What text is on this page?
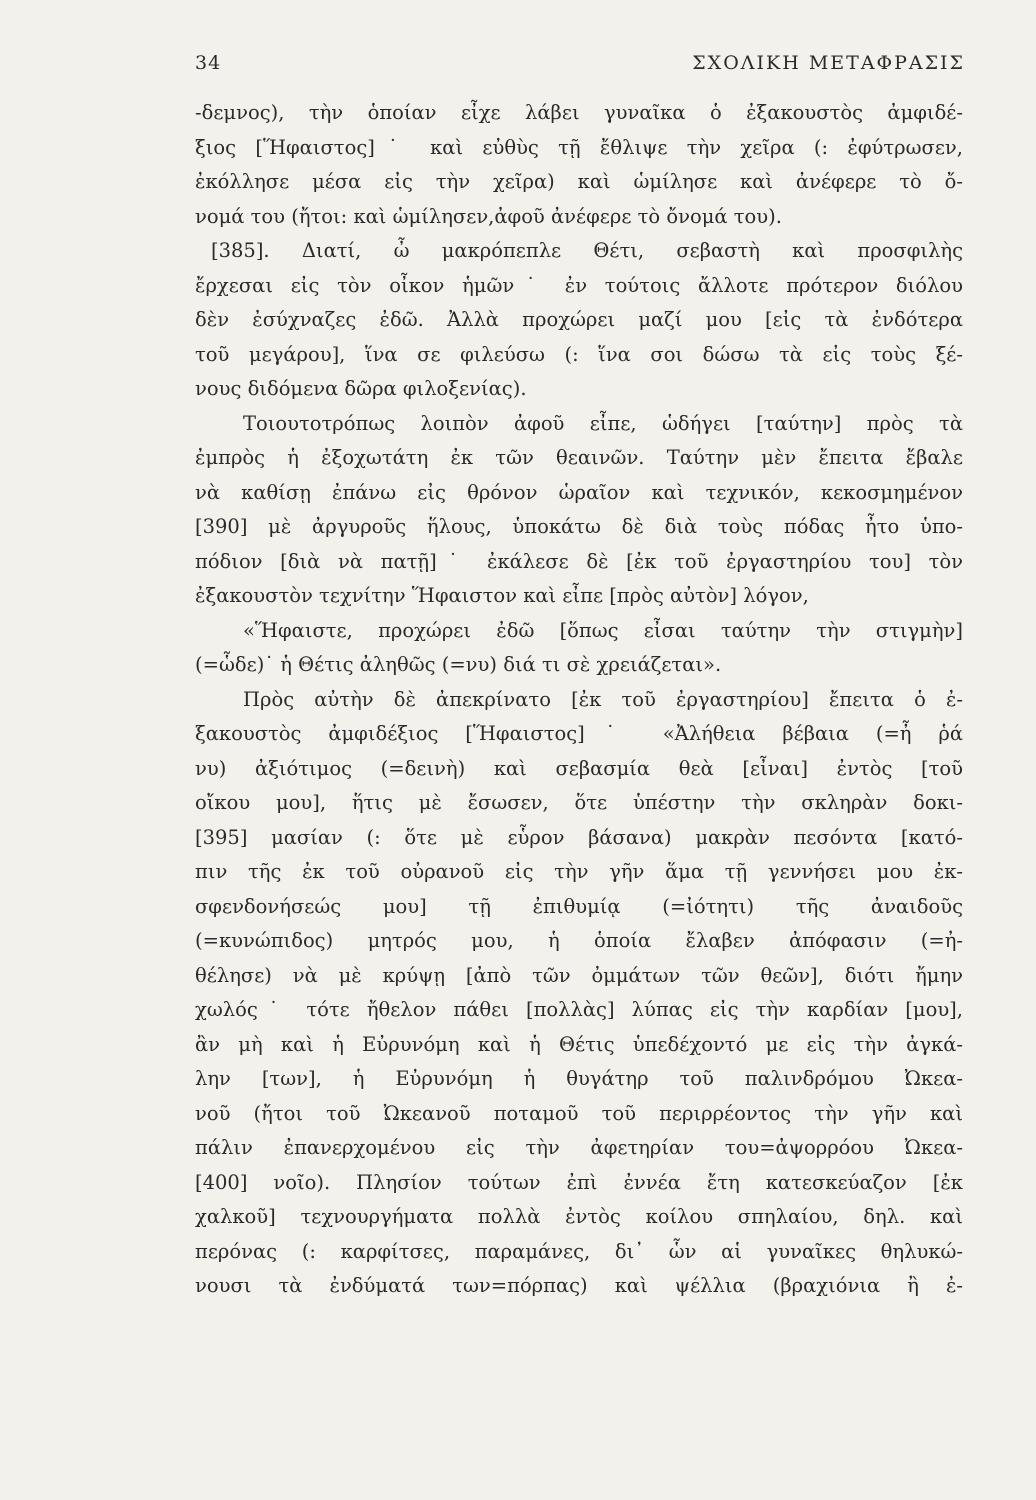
34	ΣΧΟΛΙΚΗ ΜΕΤΑΦΡΑΣΙΣ
-δεμνος), τὴν ὁποίαν εἶχε λάβει γυναῖκα ὁ ἐξακουστὸς ἀμφιδέ-
ξιος [Ἥφαιστος]˙ καὶ εὐθὺς τῇ ἔθλιψε τὴν χεῖρα (: ἐφύτρωσεν,
ἐκόλλησε μέσα εἰς τὴν χεῖρα) καὶ ὡμίλησε καὶ ἀνέφερε τὸ ὄ-
νομά του (ἤτοι: καὶ ὡμίλησεν,ἀφοῦ ἀνέφερε τὸ ὄνομά του).
[385]. Διατί, ὦ μακρόπεπλε Θέτι, σεβαστὴ καὶ προσφιλὴς
ἔρχεσαι εἰς τὸν οἶκον ἡμῶν˙ ἐν τούτοις ἄλλοτε πρότερον διόλου
δὲν ἐσύχναζες ἐδῶ. Ἀλλὰ προχώρει μαζί μου [εἰς τὰ ἐνδότερα
τοῦ μεγάρου], ἵνα σε φιλεύσω (: ἵνα σοι δώσω τὰ εἰς τοὺς ξέ-
νους διδόμενα δῶρα φιλοξενίας).
Τοιουτοτρόπως λοιπὸν ἀφοῦ εἶπε, ὡδήγει [ταύτην] πρὸς τὰ
ἐμπρὸς ἡ ἐξοχωτάτη ἐκ τῶν θεαινῶν. Ταύτην μὲν ἔπειτα ἔβαλε
νὰ καθίσῃ ἐπάνω εἰς θρόνον ὡραῖον καὶ τεχνικόν, κεκοσμημένον
[390] μὲ ἀργυροῦς ἥλους, ὑποκάτω δὲ διὰ τοὺς πόδας ἦτο ὑπο-
πόδιον [διὰ νὰ πατῇ]˙ ἐκάλεσε δὲ [ἐκ τοῦ ἐργαστηρίου του] τὸν
ἐξακουστὸν τεχνίτην Ἥφαιστον καὶ εἶπε [πρὸς αὐτὸν] λόγον,
«Ἥφαιστε, προχώρει ἐδῶ [ὅπως εἶσαι ταύτην τὴν στιγμὴν]
(=ὧδε)˙ ἡ Θέτις ἀληθῶς (=νυ) διά τι σὲ χρειάζεται».
Πρὸς αὐτὴν δὲ ἀπεκρίνατο [ἐκ τοῦ ἐργαστηρίου] ἔπειτα ὁ ἐ-
ξακουστὸς ἀμφιδέξιος [Ἥφαιστος]˙ «Ἀλήθεια βέβαια (=ἦ ῥά
νυ) ἀξιότιμος (=δεινὴ) καὶ σεβασμία θεὰ [εἶναι] ἐντὸς [τοῦ
οἴκου μου], ἥτις μὲ ἔσωσεν, ὅτε ὑπέστην τὴν σκληρὰν δοκι-
[395] μασίαν (: ὅτε μὲ εὗρον βάσανα) μακρὰν πεσόντα [κατό-
πιν τῆς ἐκ τοῦ οὐρανοῦ εἰς τὴν γῆν ἅμα τῇ γεννήσει μου ἐκ-
σφενδονήσεώς μου] τῇ ἐπιθυμίᾳ (=ἰότητι) τῆς ἀναιδοῦς
(=κυνώπιδος) μητρός μου, ἡ ὁποία ἔλαβεν ἀπόφασιν (=ἠ-
θέλησε) νὰ μὲ κρύψῃ [ἀπὸ τῶν ὀμμάτων τῶν θεῶν], διότι ἤμην
χωλός˙ τότε ἤθελον πάθει [πολλὰς] λύπας εἰς τὴν καρδίαν [μου],
ἂν μὴ καὶ ἡ Εὐρυνόμη καὶ ἡ Θέτις ὑπεδέχοντό με εἰς τὴν ἀγκά-
λην [των], ἡ Εὐρυνόμη ἡ θυγάτηρ τοῦ παλινδρόμου Ὠκεα-
νοῦ (ἤτοι τοῦ Ὠκεανοῦ ποταμοῦ τοῦ περιρρέοντος τὴν γῆν καὶ
πάλιν ἐπανερχομένου εἰς τὴν ἀφετηρίαν του=ἀψορρόου Ὠκεα-
[400] νοῖο). Πλησίον τούτων ἐπὶ ἐννέα ἔτη κατεσκεύαζον [ἐκ
χαλκοῦ] τεχνουργήματα πολλὰ ἐντὸς κοίλου σπηλαίου, δηλ. καὶ
περόνας (: καρφίτσες, παραμάνες, δι᾽ ὧν αἱ γυναῖκες θηλυκώ-
νουσι τὰ ἐνδύματά των=πόρπας) καὶ ψέλλια (βραχιόνια ἢ ἐ-
